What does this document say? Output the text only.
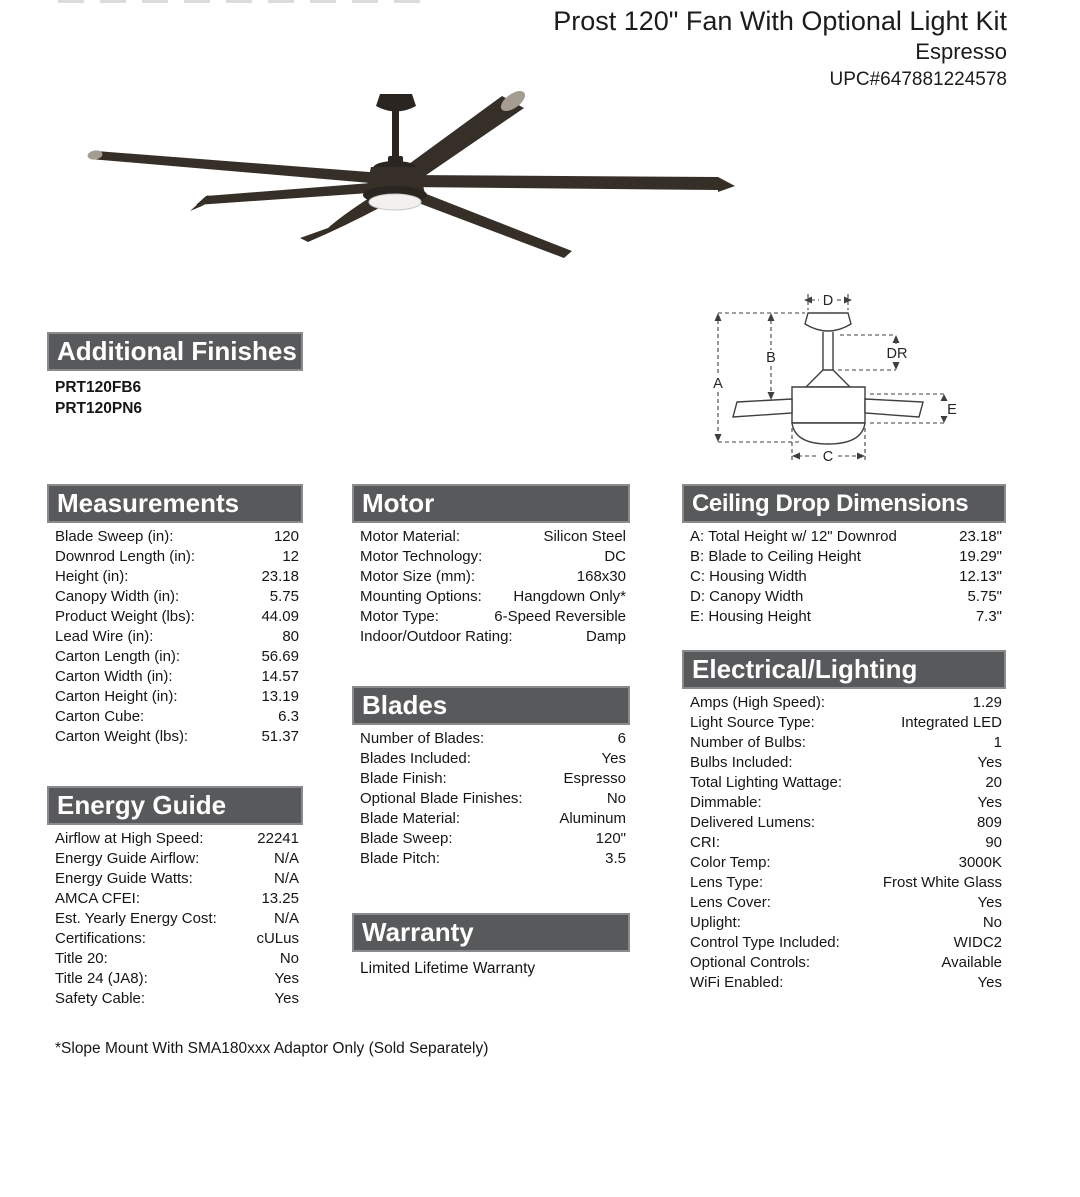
Prost 120" Fan With Optional Light Kit
Espresso
UPC#647881224578
D
A
B	DR
E
C
Additional Finishes
PRT120FB6
PRT120PN6
Measurements
Blade Sweep (in):	120
Downrod Length (in):	12
Height (in):	23.18
Canopy Width (in):	5.75
Product Weight (lbs):	44.09
Lead Wire (in):	80
Carton Length (in):	56.69
Carton Width (in):	14.57
Carton Height (in):	13.19
Carton Cube:	6.3
Carton Weight (lbs):	51.37
Energy Guide
Airflow at High Speed:	22241
Energy Guide Airflow:	N/A
Energy Guide Watts:	N/A
AMCA CFEI:	13.25
Est. Yearly Energy Cost:	N/A
Certifications:	cULus
Title 20:	No
Title 24 (JA8):	Yes
Safety Cable:	Yes
Motor
Motor Material:	Silicon Steel
Motor Technology:	DC
Motor Size (mm):	168x30
Mounting Options: Hangdown Only*
Motor Type:	6-Speed Reversible
Indoor/Outdoor Rating:	Damp
Blades
Number of Blades:	6
Blades Included:	Yes
Blade Finish:	Espresso
Optional Blade Finishes:	No
Blade Material:	Aluminum
Blade Sweep:	120"
Blade Pitch:	3.5
Warranty
Limited Lifetime Warranty
Ceiling Drop Dimensions
A: Total Height w/ 12" Downrod	23.18"
B: Blade to Ceiling Height	19.29"
C: Housing Width	12.13"
D: Canopy Width	5.75"
E: Housing Height	7.3"
Electrical/Lighting
Amps (High Speed):	1.29
Light Source Type:	Integrated LED
Number of Bulbs:	1
Bulbs Included:	Yes
Total Lighting Wattage:	20
Dimmable:	Yes
Delivered Lumens:	809
CRI:	90
Color Temp:	3000K
Lens Type:	Frost White Glass
Lens Cover:	Yes
Uplight:	No
Control Type Included:	WIDC2
Optional Controls:	Available
WiFi Enabled:	Yes
*Slope Mount With SMA180xxx Adaptor Only (Sold Separately)
